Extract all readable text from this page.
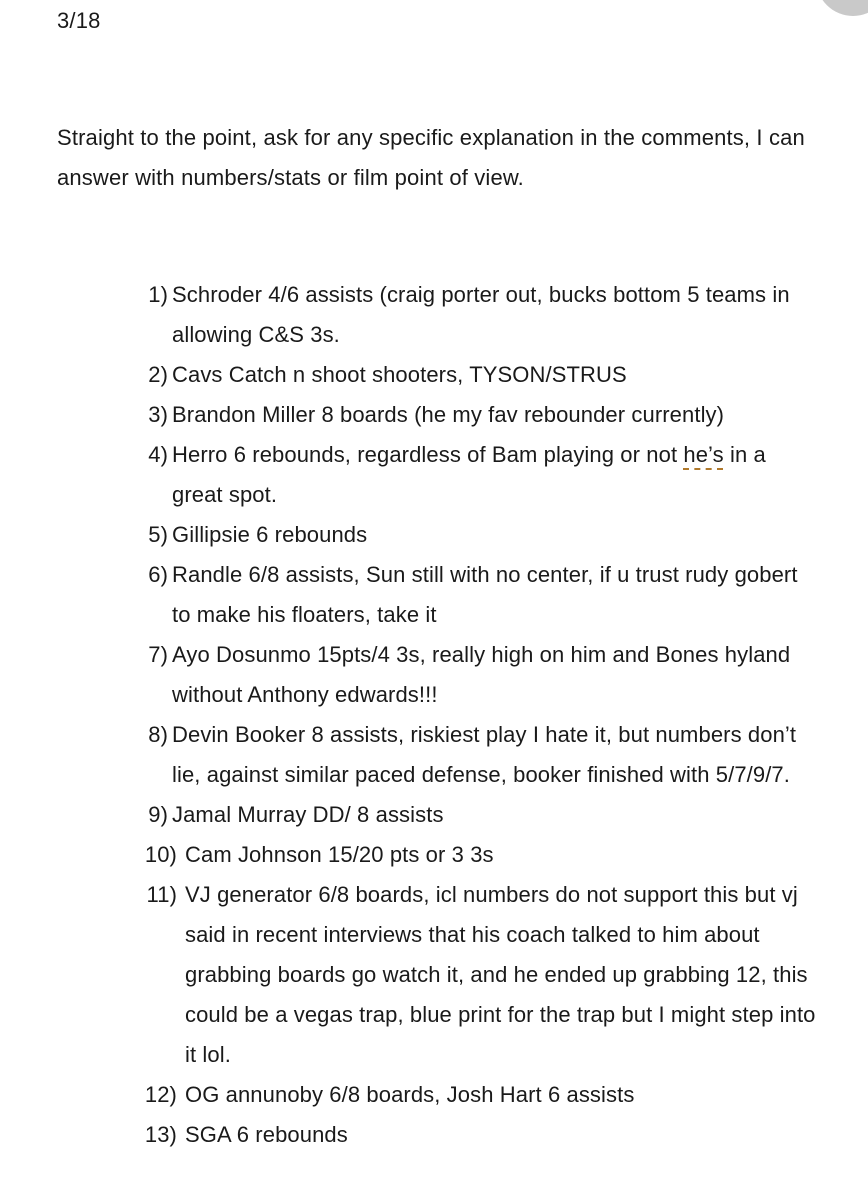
3/18
Straight to the point, ask for any specific explanation in the comments, I can answer with numbers/stats or film point of view.
1) Schroder 4/6 assists (craig porter out, bucks bottom 5 teams in allowing C&S 3s.
2) Cavs Catch n shoot shooters, TYSON/STRUS
3) Brandon Miller 8 boards (he my fav rebounder currently)
4) Herro 6 rebounds, regardless of Bam playing or not he’s in a great spot.
5) Gillipsie 6 rebounds
6) Randle 6/8 assists, Sun still with no center, if u trust rudy gobert to make his floaters, take it
7) Ayo Dosunmo 15pts/4 3s, really high on him and Bones hyland without Anthony edwards!!!
8) Devin Booker 8 assists, riskiest play I hate it, but numbers don’t lie, against similar paced defense, booker finished with 5/7/9/7.
9) Jamal Murray DD/ 8 assists
10) Cam Johnson 15/20 pts or 3 3s
11) VJ generator 6/8 boards, icl numbers do not support this but vj said in recent interviews that his coach talked to him about grabbing boards go watch it, and he ended up grabbing 12, this could be a vegas trap, blue print for the trap but I might step into it lol.
12) OG annunoby 6/8 boards, Josh Hart 6 assists
13) SGA 6 rebounds
